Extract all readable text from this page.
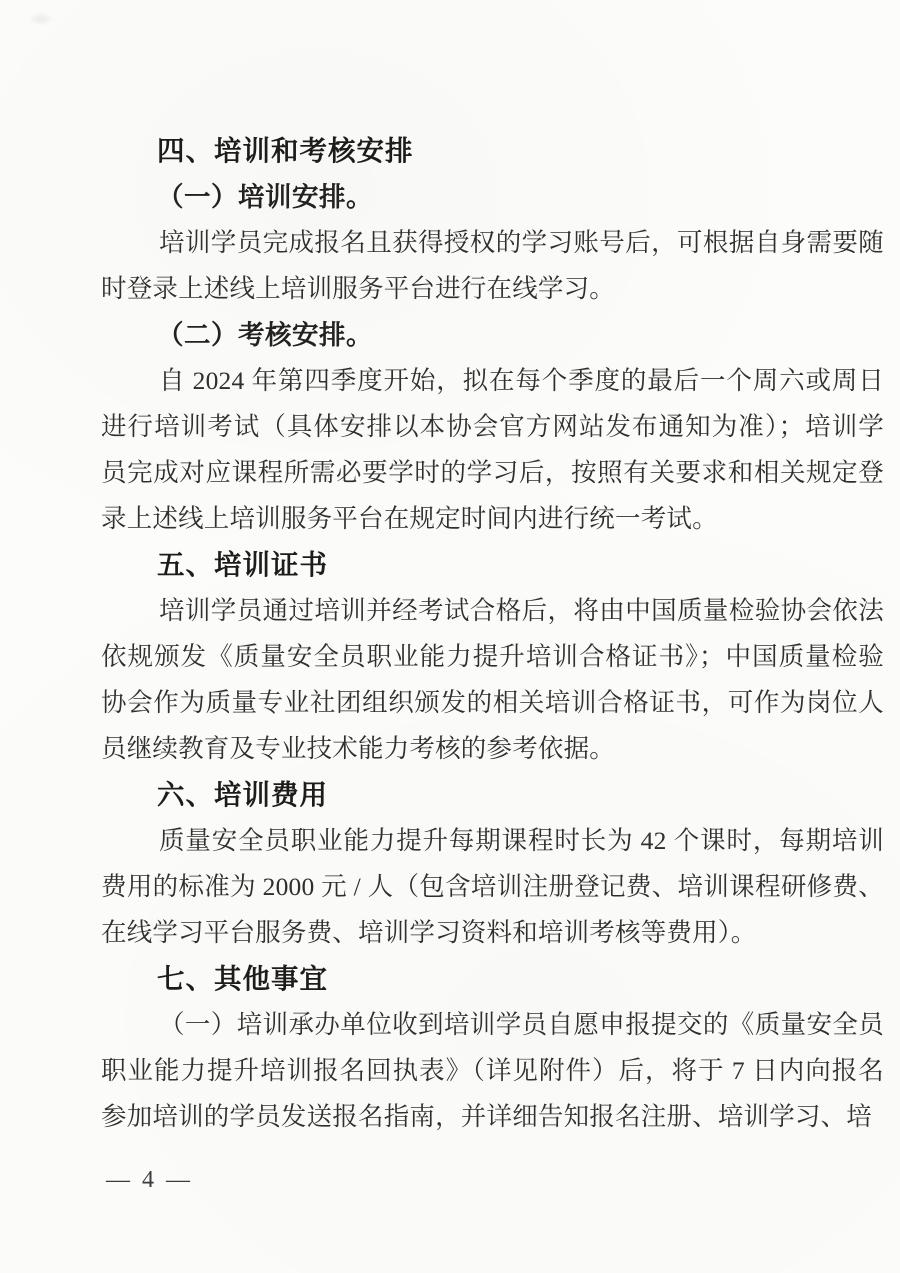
四、培训和考核安排
（一）培训安排。

培训学员完成报名且获得授权的学习账号后，可根据自身需要随时登录上述线上培训服务平台进行在线学习。

（二）考核安排。

自 2024 年第四季度开始，拟在每个季度的最后一个周六或周日进行培训考试（具体安排以本协会官方网站发布通知为准）；培训学员完成对应课程所需必要学时的学习后，按照有关要求和相关规定登录上述线上培训服务平台在规定时间内进行统一考试。

五、培训证书

培训学员通过培训并经考试合格后，将由中国质量检验协会依法依规颁发《质量安全员职业能力提升培训合格证书》；中国质量检验协会作为质量专业社团组织颁发的相关培训合格证书，可作为岗位人员继续教育及专业技术能力考核的参考依据。

六、培训费用

质量安全员职业能力提升每期课程时长为 42 个课时，每期培训费用的标准为 2000 元 / 人（包含培训注册登记费、培训课程研修费、在线学习平台服务费、培训学习资料和培训考核等费用）。

七、其他事宜

（一）培训承办单位收到培训学员自愿申报提交的《质量安全员职业能力提升培训报名回执表》（详见附件）后，将于 7 日内向报名参加培训的学员发送报名指南，并详细告知报名注册、培训学习、培

— 4 —
